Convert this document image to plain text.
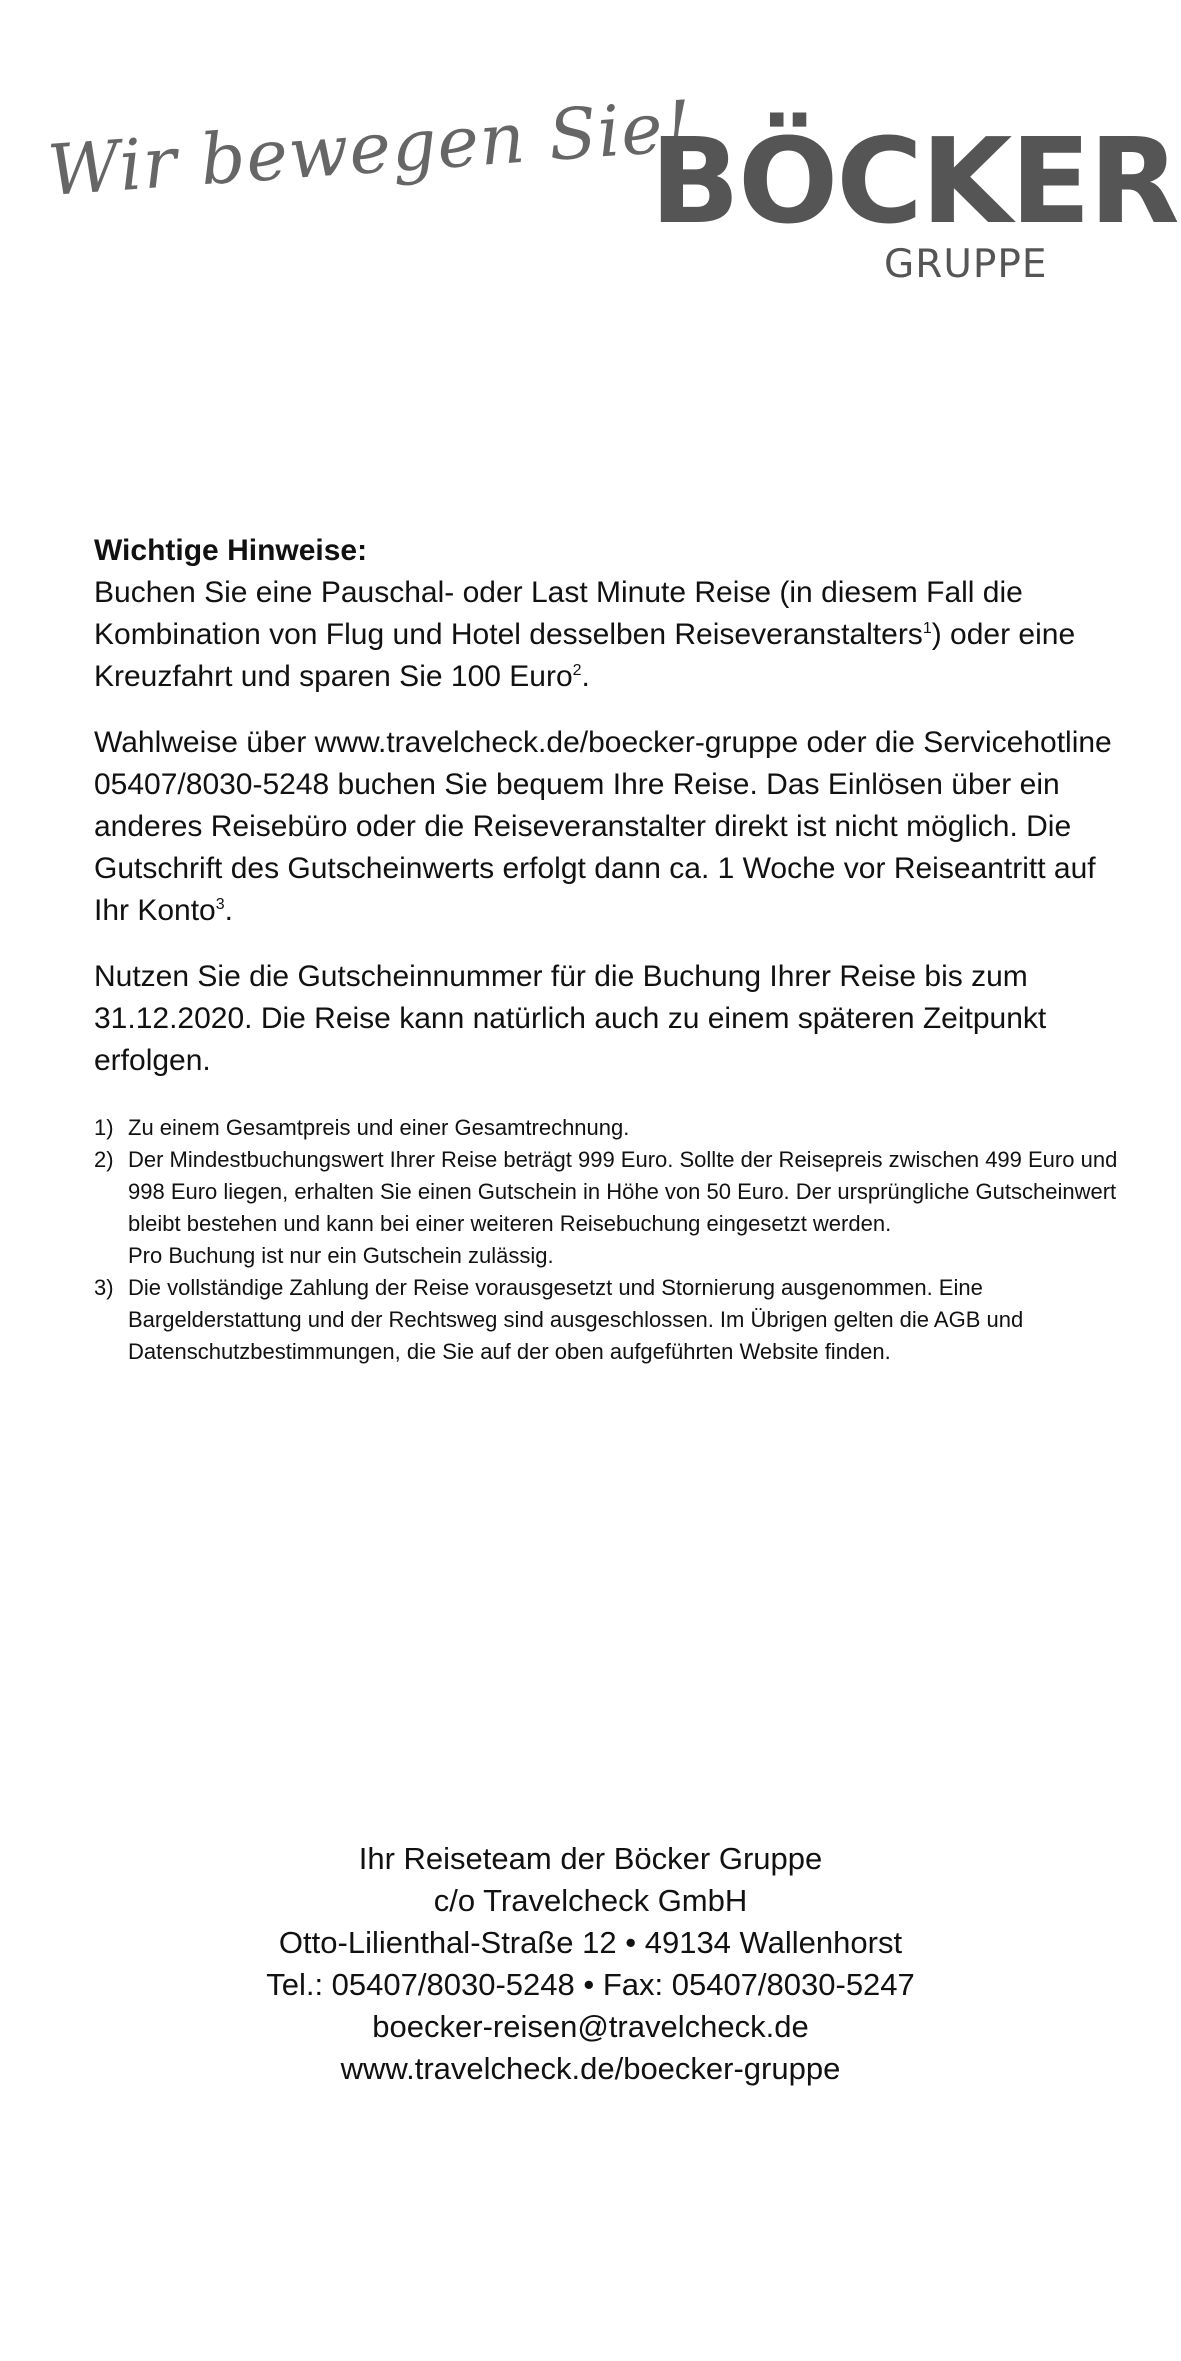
Wir bewegen Sie!
BÖCKER
GRUPPE

Wichtige Hinweise:

Buchen Sie eine Pauschal- oder Last Minute Reise (in diesem Fall die Kombination von Flug und Hotel desselben Reiseveranstalters$^1$) oder eine Kreuzfahrt und sparen Sie 100 Euro$^2$.

Wahlweise über www.travelcheck.de/boecker-gruppe oder die Servicehotline 05407/8030-5248 buchen Sie bequem Ihre Reise. Das Einlösen über ein anderes Reisebüro oder die Reiseveranstalter direkt ist nicht möglich. Die Gutschrift des Gutscheinwerts erfolgt dann ca. 1 Woche vor Reiseantritt auf Ihr Konto$^3$.

Nutzen Sie die Gutscheinnummer für die Buchung Ihrer Reise bis zum 31.12.2020. Die Reise kann natürlich auch zu einem späteren Zeitpunkt erfolgen.

1) Zu einem Gesamtpreis und einer Gesamtrechnung.
2) Der Mindestbuchungswert Ihrer Reise beträgt 999 Euro. Sollte der Reisepreis zwischen 499 Euro und 998 Euro liegen, erhalten Sie einen Gutschein in Höhe von 50 Euro. Der ursprüngliche Gutscheinwert bleibt bestehen und kann bei einer weiteren Reisebuchung eingesetzt werden.
Pro Buchung ist nur ein Gutschein zulässig.
3) Die vollständige Zahlung der Reise vorausgesetzt und Stornierung ausgenommen. Eine Bargelderstattung und der Rechtsweg sind ausgeschlossen. Im Übrigen gelten die AGB und Datenschutzbestimmungen, die Sie auf der oben aufgeführten Website finden.
Ihr Reiseteam der Böcker Gruppe
c/o Travelcheck GmbH
Otto-Lilienthal-Straße 12 • 49134 Wallenhorst
Tel.: 05407/8030-5248 • Fax: 05407/8030-5247
boecker-reisen@travelcheck.de
www.travelcheck.de/boecker-gruppe
